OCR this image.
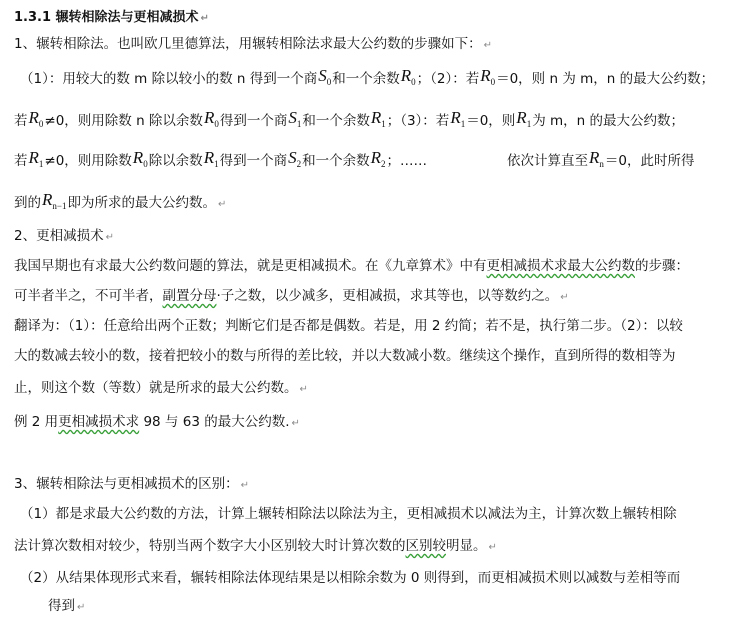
1.3.1 辗转相除法与更相减损术 ↵
1、辗转相除法。也叫欧几里德算法，用辗转相除法求最大公约数的步骤如下： ↵
（1）：用较大的数 m 除以较小的数 n 得到一个商$S_0$和一个余数$R_0$；（2）：若$R_0=0$，则 n 为 m，n 的最大公约数；
若$R_0\ne 0$，则用除数 n 除以余数$R_0$得到一个商$S_1$和一个余数$R_1$；（3）：若$R_1=0$，则$R_1$为 m，n 的最大公约数；
若$R_1\ne 0$，则用除数$R_0$除以余数$R_1$得到一个商$S_2$和一个余数$R_2$；……	依次计算直至$R_n=0$，此时所得
到的$R_{n-1}$即为所求的最大公约数。 ↵
2、更相减损术 ↵
我国早期也有求最大公约数问题的算法，就是更相减损术。在《九章算术》中有更相减损术求最大公约数的步骤：
可半者半之，不可半者，副置分母·子之数，以少减多，更相减损，求其等也，以等数约之。 ↵
翻译为：（1）：任意给出两个正数；判断它们是否都是偶数。若是，用 2 约简；若不是，执行第二步。（2）：以较
大的数减去较小的数，接着把较小的数与所得的差比较，并以大数减小数。继续这个操作，直到所得的数相等为
止，则这个数（等数）就是所求的最大公约数。 ↵
例 2 用更相减损术求 98 与 63 的最大公约数. ↵
3、辗转相除法与更相减损术的区别： ↵
（1）都是求最大公约数的方法，计算上辗转相除法以除法为主，更相减损术以减法为主，计算次数上辗转相除
法计算次数相对较少，特别当两个数字大小区别较大时计算次数的区别较明显。 ↵
（2）从结果体现形式来看，辗转相除法体现结果是以相除余数为 0 则得到，而更相减损术则以减数与差相等而
得到 ↵
